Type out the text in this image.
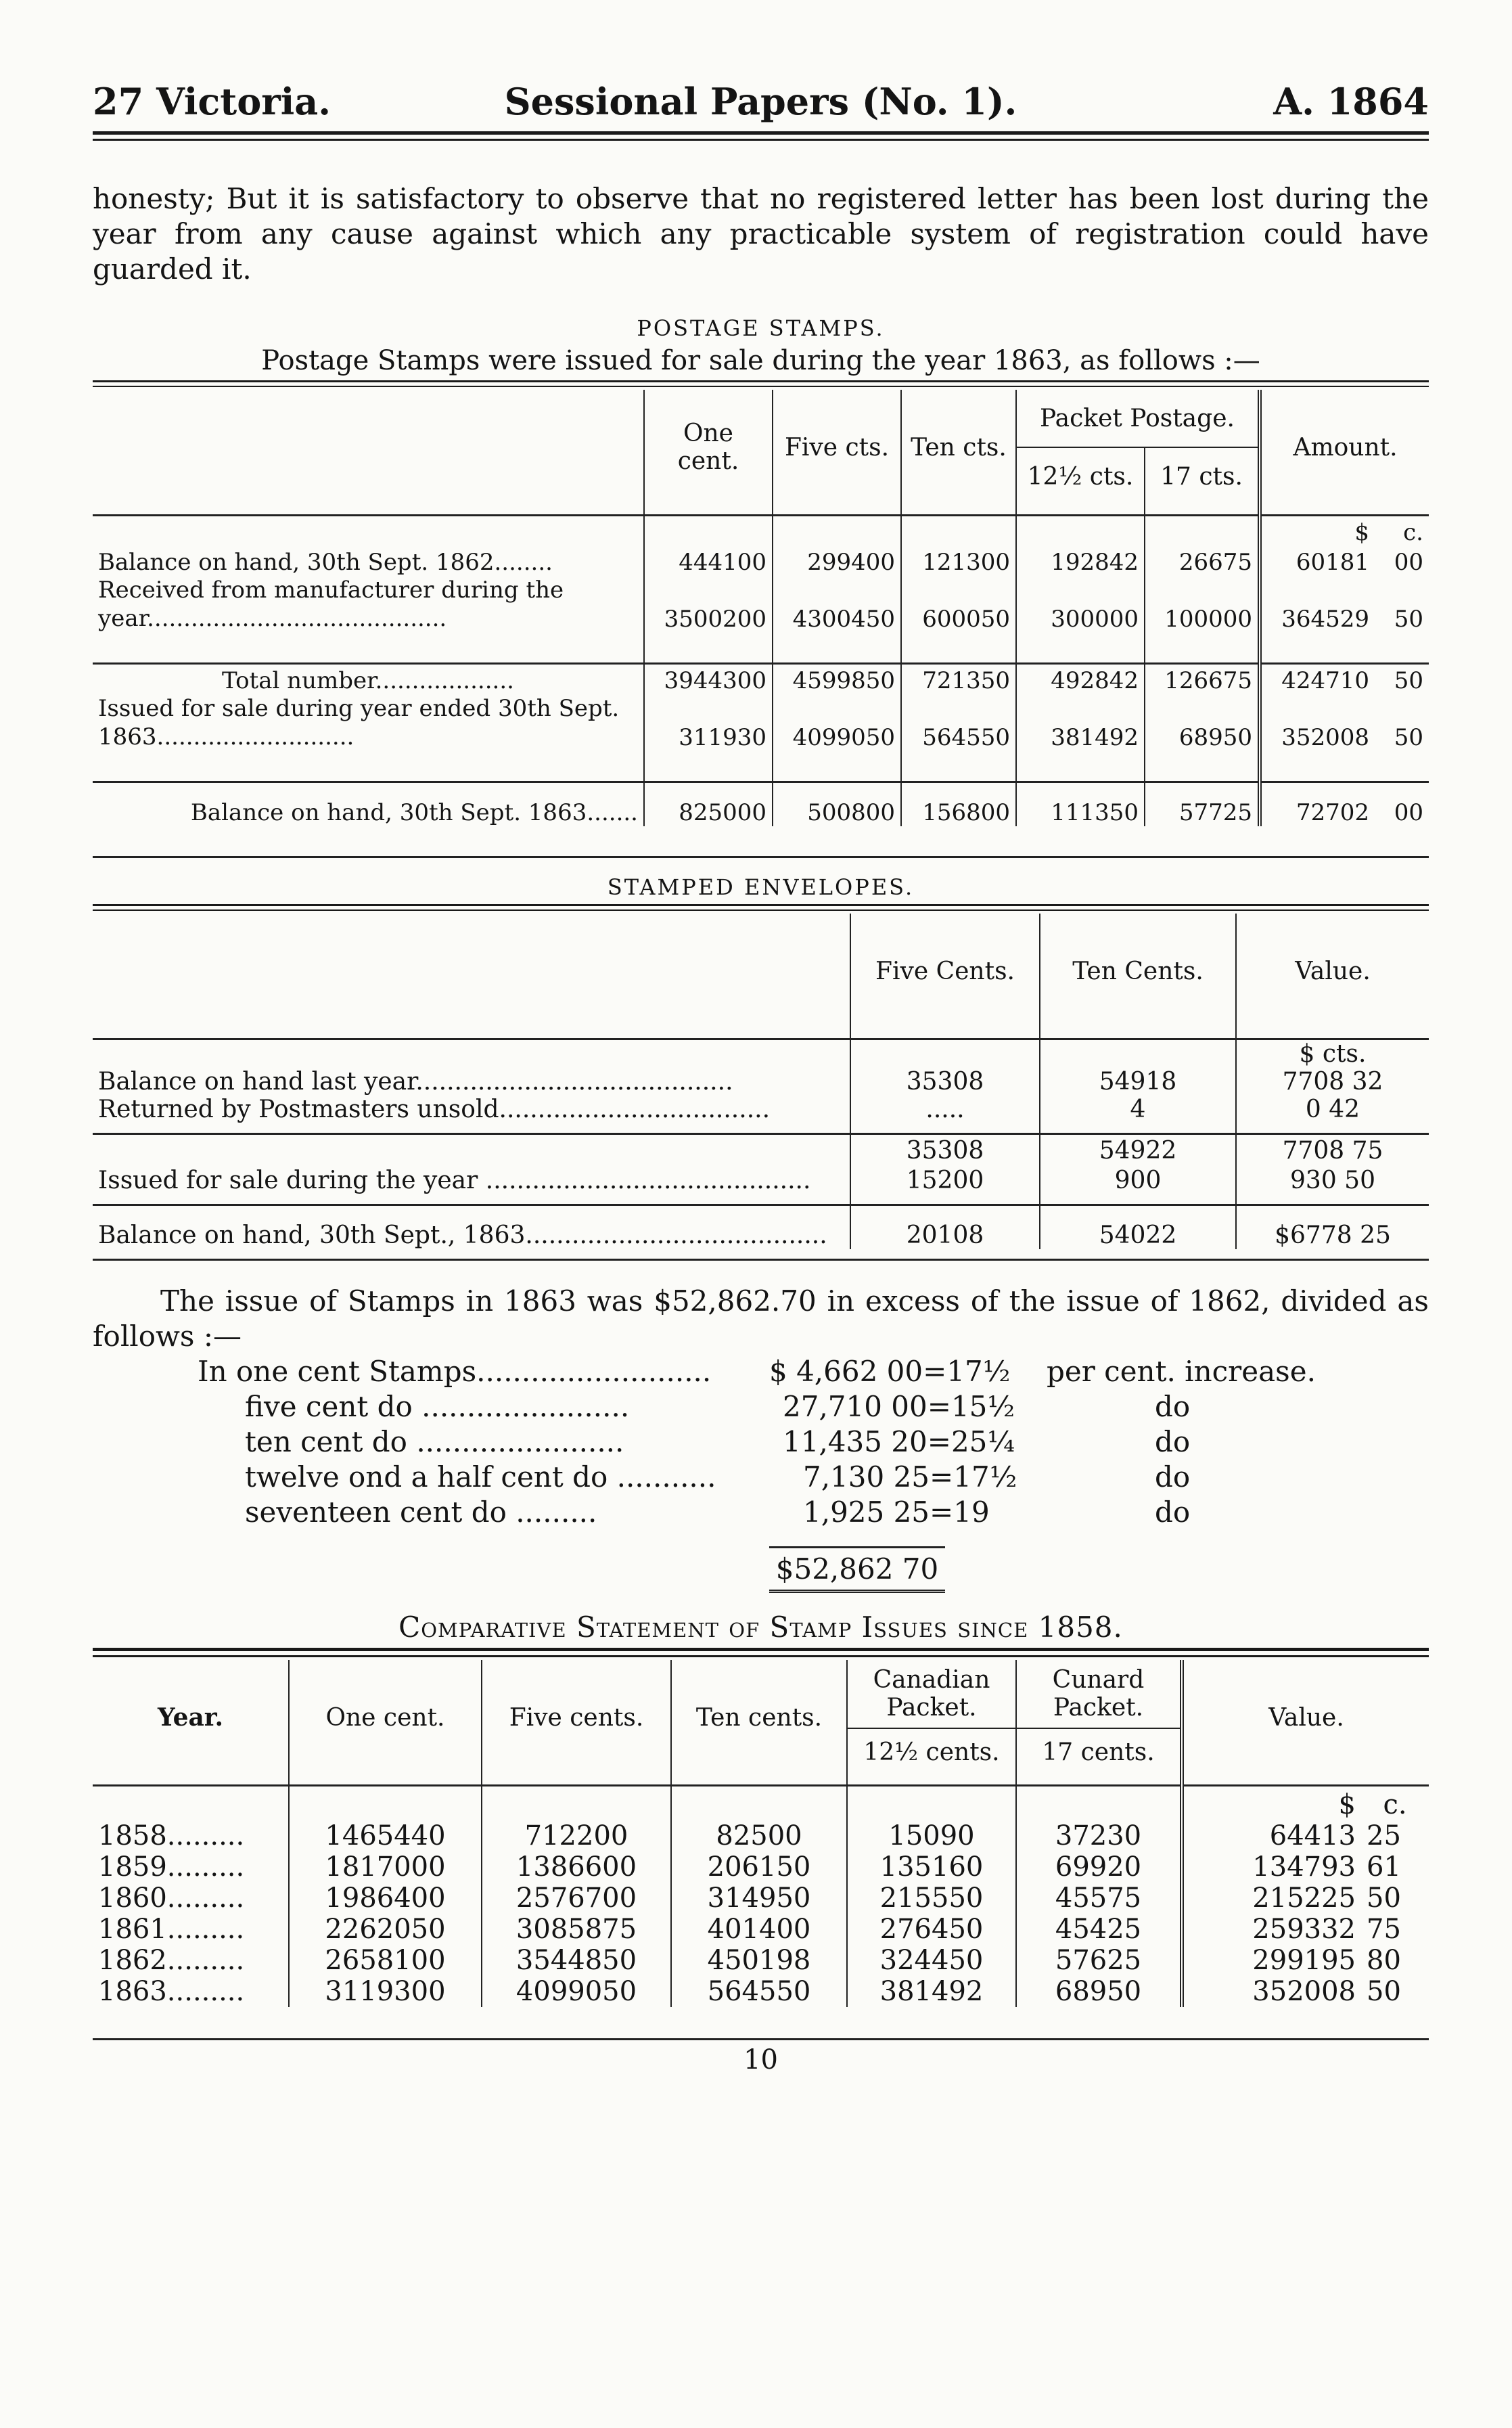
27 Victoria.	Sessional Papers (No. 1).	A. 1864

honesty; But it is satisfactory to observe that no registered letter has been lost during the year from any cause against which any practicable system of registration could have guarded it.

POSTAGE STAMPS.
Postage Stamps were issued for sale during the year 1863, as follows :—
	One cent.	Five cts.	Ten cts.	Packet Postage.		Amount.	
				12½ cts.	17 cts.		

						$	c.
Balance on hand, 30th Sept. 1862........	444100	299400	121300	192842	26675	60181	00
Received from manufacturer during the year.........................................	3500200	4300450	600050	300000	100000	364529	50

Total number...................	3944300	4599850	721350	492842	126675	424710	50
Issued for sale during year ended 30th Sept. 1863...........................	311930	4099050	564550	381492	68950	352008	50

Balance on hand, 30th Sept. 1863.......	825000	500800	156800	111350	57725	72702	00

STAMPED ENVELOPES.
	Five Cents.	Ten Cents.	Value.

			$ cts.
Balance on hand last year.........................................	35308	54918	7708 32
Returned by Postmasters unsold...................................	.....	4	0 42

	35308	54922	7708 75
Issued for sale during the year ..........................................	15200	900	930 50

Balance on hand, 30th Sept., 1863.......................................	20108	54022	$6778 25

The issue of Stamps in 1863 was $52,862.70 in excess of the issue of 1862, divided as follows :—
In one cent Stamps.......................... $ 4,662 00=17½ per cent. increase.
five cent do .......................	27,710 00=15½	do
ten cent do .......................	11,435 20=25¼	do
twelve ond a half cent do ...........	7,130 25=17½	do
seventeen cent do .........	1,925 25=19	do
$52,862 70
Comparative Statement of Stamp Issues since 1858.
Year.	One cent.	Five cents.	Ten cents.	Canadian Packet.	Cunard Packet.	Value.	
				12½ cents.	17 cents.		

						$	c.
1858.........	1465440	712200	82500	15090	37230	64413	25
1859.........	1817000	1386600	206150	135160	69920	134793	61
1860.........	1986400	2576700	314950	215550	45575	215225	50
1861.........	2262050	3085875	401400	276450	45425	259332	75
1862.........	2658100	3544850	450198	324450	57625	299195	80
1863.........	3119300	4099050	564550	381492	68950	352008	50

10
